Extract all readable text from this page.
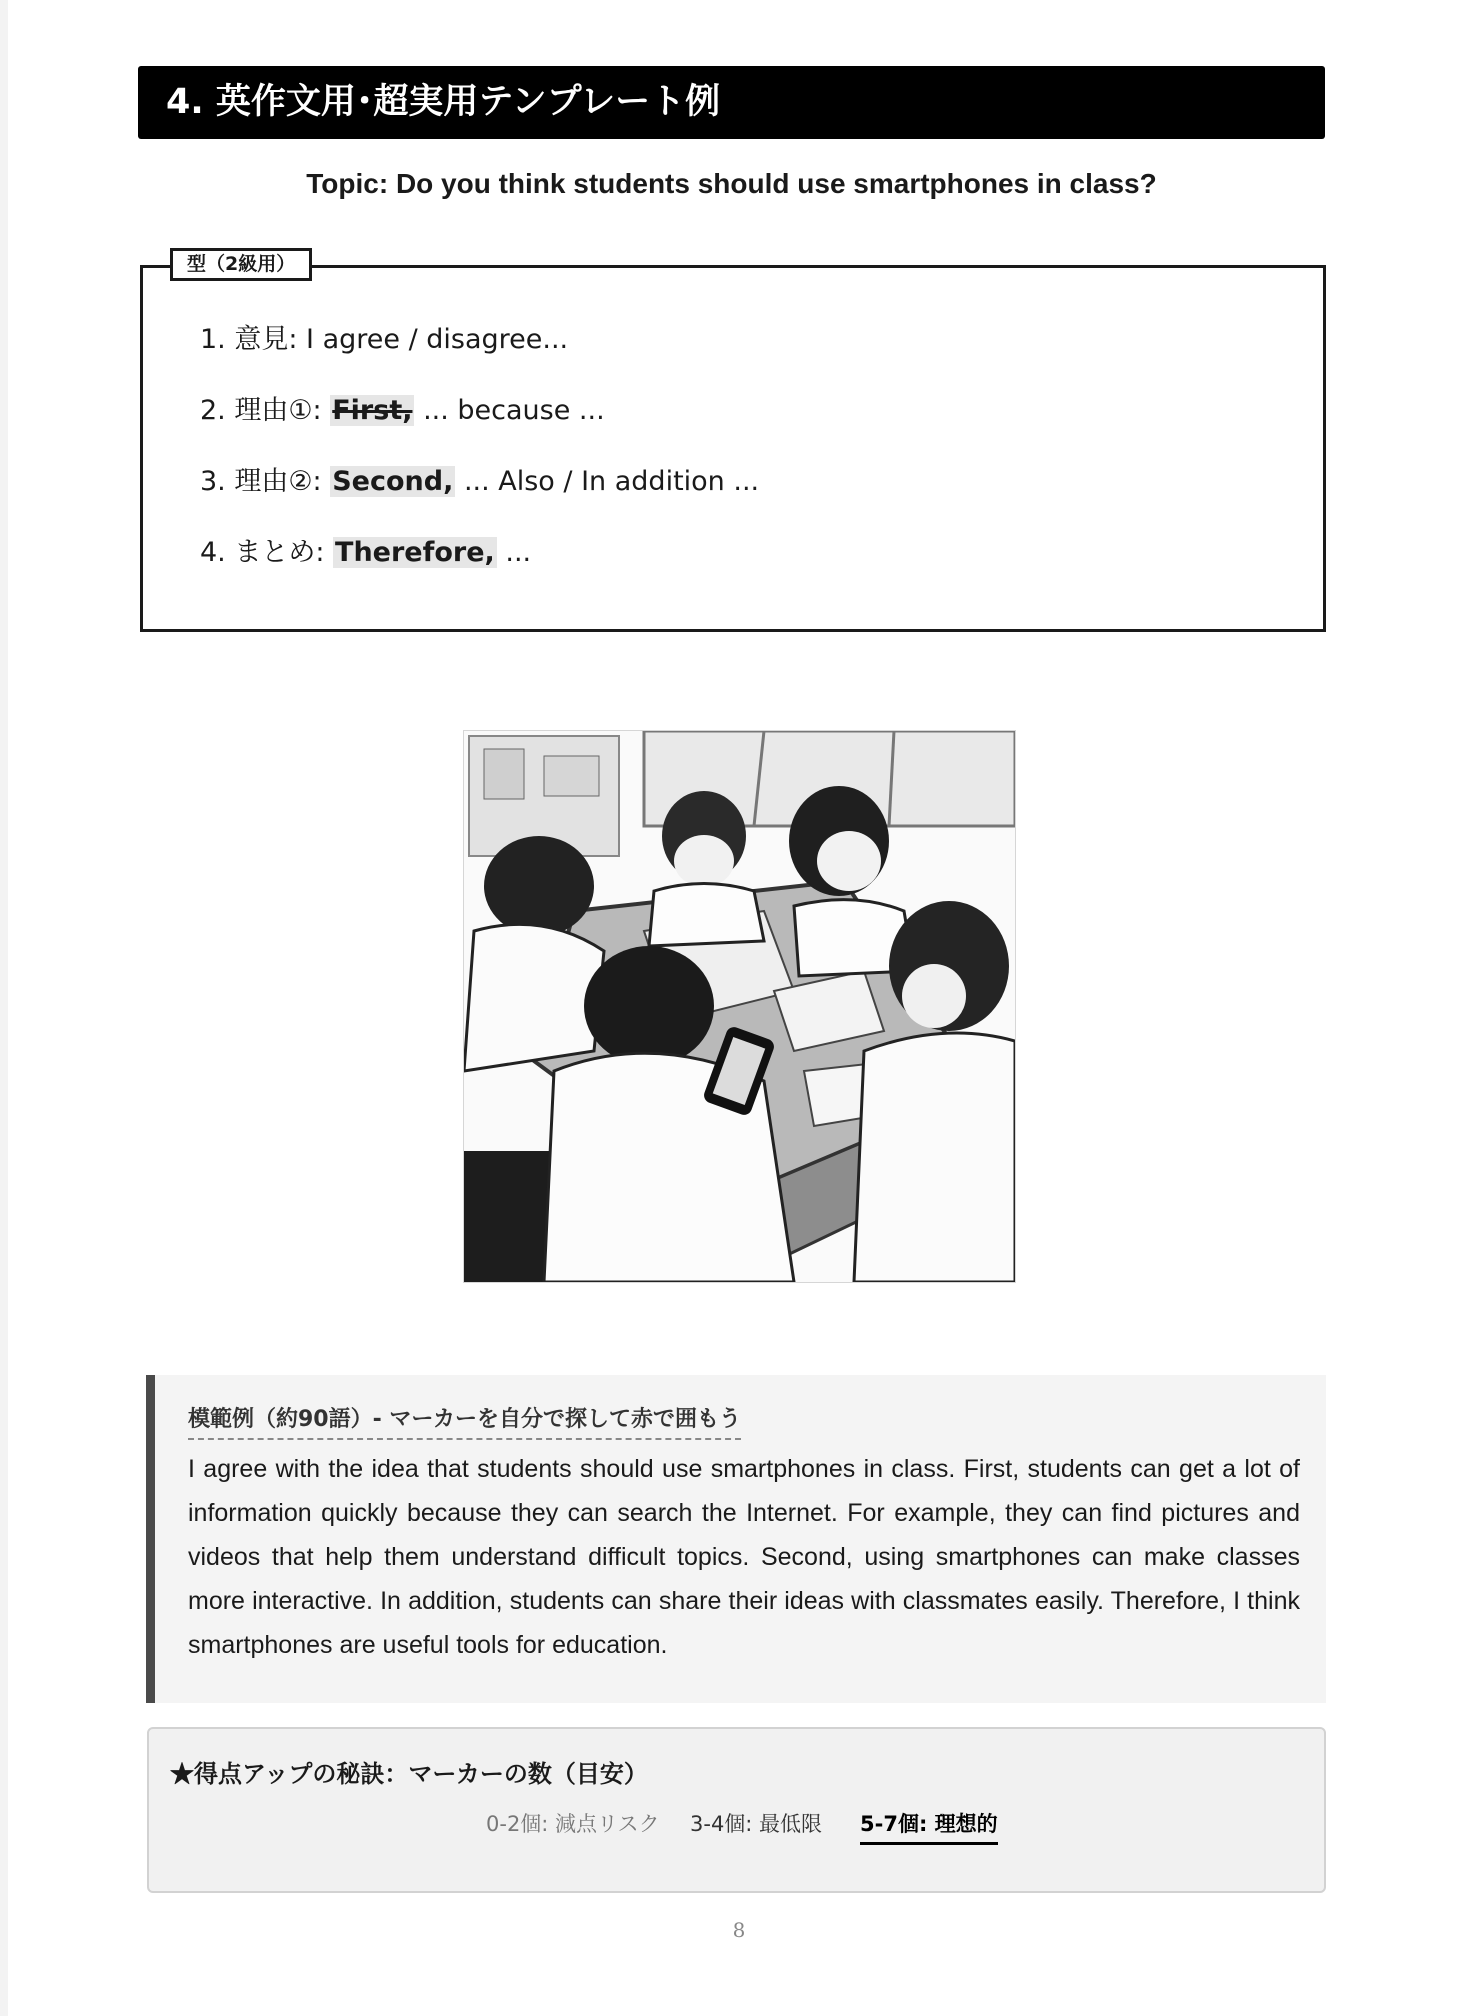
4. 英作文用･超実用テンプレート例
Topic: Do you think students should use smartphones in class?
型（2級用）
1. 意見: I agree / disagree...
2. 理由①: First, ... because ...
3. 理由②: Second, ... Also / In addition ...
4. まとめ: Therefore, ...
模範例（約90語）- マーカーを自分で探して赤で囲もう

I agree with the idea that students should use smartphones in class. First, students can get a lot of information quickly because they can search the Internet. For example, they can find pictures and videos that help them understand difficult topics. Second, using smartphones can make classes more interactive. In addition, students can share their ideas with classmates easily. Therefore, I think smartphones are useful tools for education.

★得点アップの秘訣：マーカーの数（目安）
0-2個: 減点リスク 3-4個: 最低限 5-7個: 理想的
8
